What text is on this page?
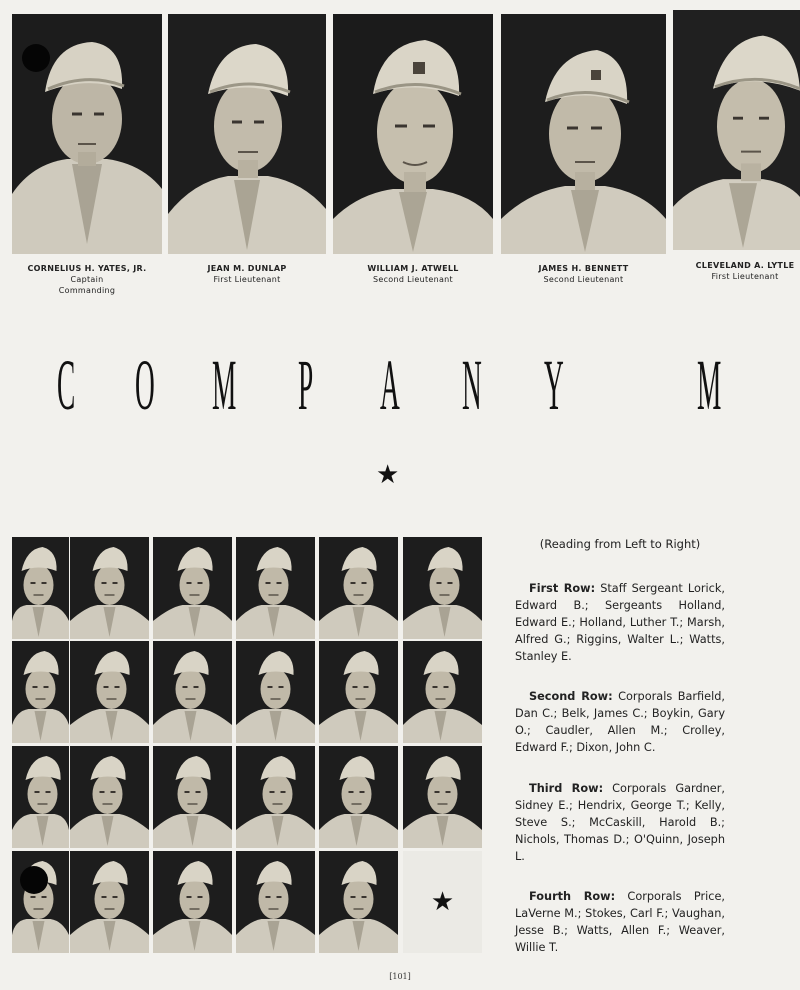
CORNELIUS H. YATES, JR.
Captain
Commanding
JEAN M. DUNLAP
First Lieutenant
WILLIAM J. ATWELL
Second Lieutenant
JAMES H. BENNETT
Second Lieutenant
CLEVELAND A. LYTLE
First Lieutenant
C O M P A N Y M
★
★
(Reading from Left to Right)

First Row: Staff Sergeant Lorick, Edward B.; Sergeants Holland, Edward E.; Holland, Luther T.; Marsh, Alfred G.; Riggins, Walter L.; Watts, Stanley E.

Second Row: Corporals Barfield, Dan C.; Belk, James C.; Boykin, Gary O.; Caudler, Allen M.; Crolley, Edward F.; Dixon, John C.

Third Row: Corporals Gardner, Sidney E.; Hendrix, George T.; Kelly, Steve S.; McCaskill, Harold B.; Nichols, Thomas D.; O'Quinn, Joseph L.

Fourth Row: Corporals Price, LaVerne M.; Stokes, Carl F.; Vaughan, Jesse B.; Watts, Allen F.; Weaver, Willie T.

[101]
